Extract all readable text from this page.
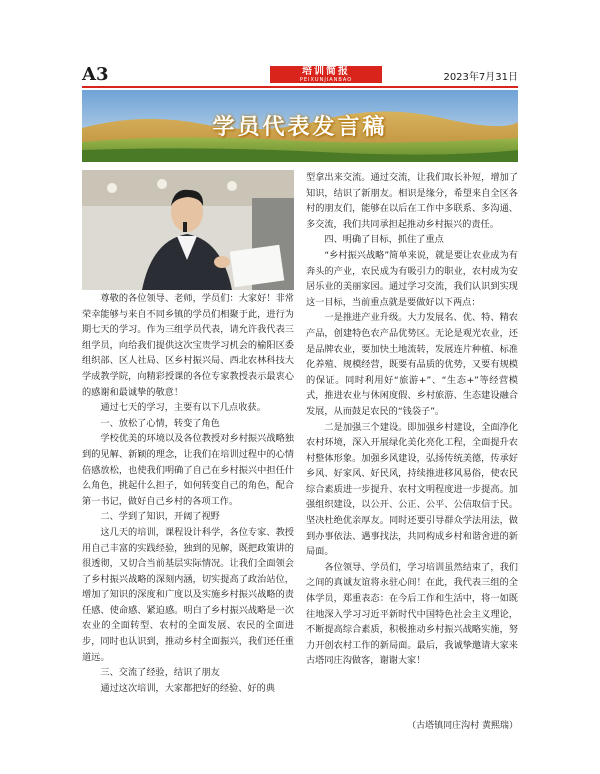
A3	培训简报
PEIXUNJIANBAO	2023年7月31日
学员代表发言稿

尊敬的各位领导、老师，学员们：大家好！非常荣幸能够与来自不同乡镇的学员们相聚于此，进行为期七天的学习。作为三组学员代表，请允许我代表三组学员，向给我们提供这次宝贵学习机会的榆阳区委组织部、区人社局、区乡村振兴局、西北农林科技大学成教学院，向精彩授课的各位专家教授表示最衷心的感谢和最诚挚的敬意！

通过七天的学习，主要有以下几点收获。

一、放松了心情，转变了角色

学校优美的环境以及各位教授对乡村振兴战略独到的见解、新颖的理念，让我们在培训过程中的心情倍感放松，也使我们明确了自己在乡村振兴中担任什么角色，挑起什么担子，如何转变自己的角色，配合第一书记，做好自己乡村的各项工作。

二、学到了知识，开阔了视野

这几天的培训，课程设计科学，各位专家、教授用自己丰富的实践经验，独到的见解，既把政策讲的很透彻，又切合当前基层实际情况。让我们全面领会了乡村振兴战略的深刻内涵，切实提高了政治站位，增加了知识的深度和广度以及实施乡村振兴战略的责任感、使命感、紧迫感。明白了乡村振兴战略是一次农业的全面转型、农村的全面发展、农民的全面进步，同时也认识到，推动乡村全面振兴，我们还任重道远。

三、交流了经验，结识了朋友

通过这次培训，大家都把好的经验、好的典

型拿出来交流。通过交流，让我们取长补短，增加了知识，结识了新朋友。相识是缘分，希望来自全区各村的朋友们，能够在以后在工作中多联系、多沟通、多交流，我们共同承担起推动乡村振兴的责任。

四、明确了目标，抓住了重点

“乡村振兴战略”简单来说，就是要让农业成为有奔头的产业，农民成为有吸引力的职业，农村成为安居乐业的美丽家园。通过学习交流，我们认识到实现这一目标，当前重点就是要做好以下两点：

一是推进产业升级。大力发展名、优、特、精农产品，创建特色农产品优势区。无论是观光农业，还是品牌农业，要加快土地流转，发展连片种植、标准化养殖、规模经营，既要有品质的优势，又要有规模的保证。同时利用好“旅游+”、“生态+”等经营模式，推进农业与休闲度假、乡村旅游、生态建设融合发展，从而鼓足农民的“钱袋子”。

二是加强三个建设。即加强乡村建设，全面净化农村环境，深入开展绿化美化亮化工程，全面提升农村整体形象。加强乡风建设，弘扬传统美德，传承好乡风、好家风、好民风，持续推进移风易俗，使农民综合素质进一步提升、农村文明程度进一步提高。加强组织建设，以公开、公正、公平、公信取信于民。坚决杜绝优亲厚友。同时还要引导群众学法用法，做到办事依法、遇事找法，共同构成乡村和谐舍进的新局面。

各位领导、学员们，学习培训虽然结束了，我们之间的真诚友谊将永驻心间！在此，我代表三组的全体学员，郑重表态：在今后工作和生活中，将一如既往地深入学习习近平新时代中国特色社会主义理论，不断提高综合素质，积极推动乡村振兴战略实施，努力开创农村工作的新局面。最后，我诚挚邀请大家来古塔同庄沟做客，谢谢大家！

（古塔镇同庄沟村 黄熙瑞）
